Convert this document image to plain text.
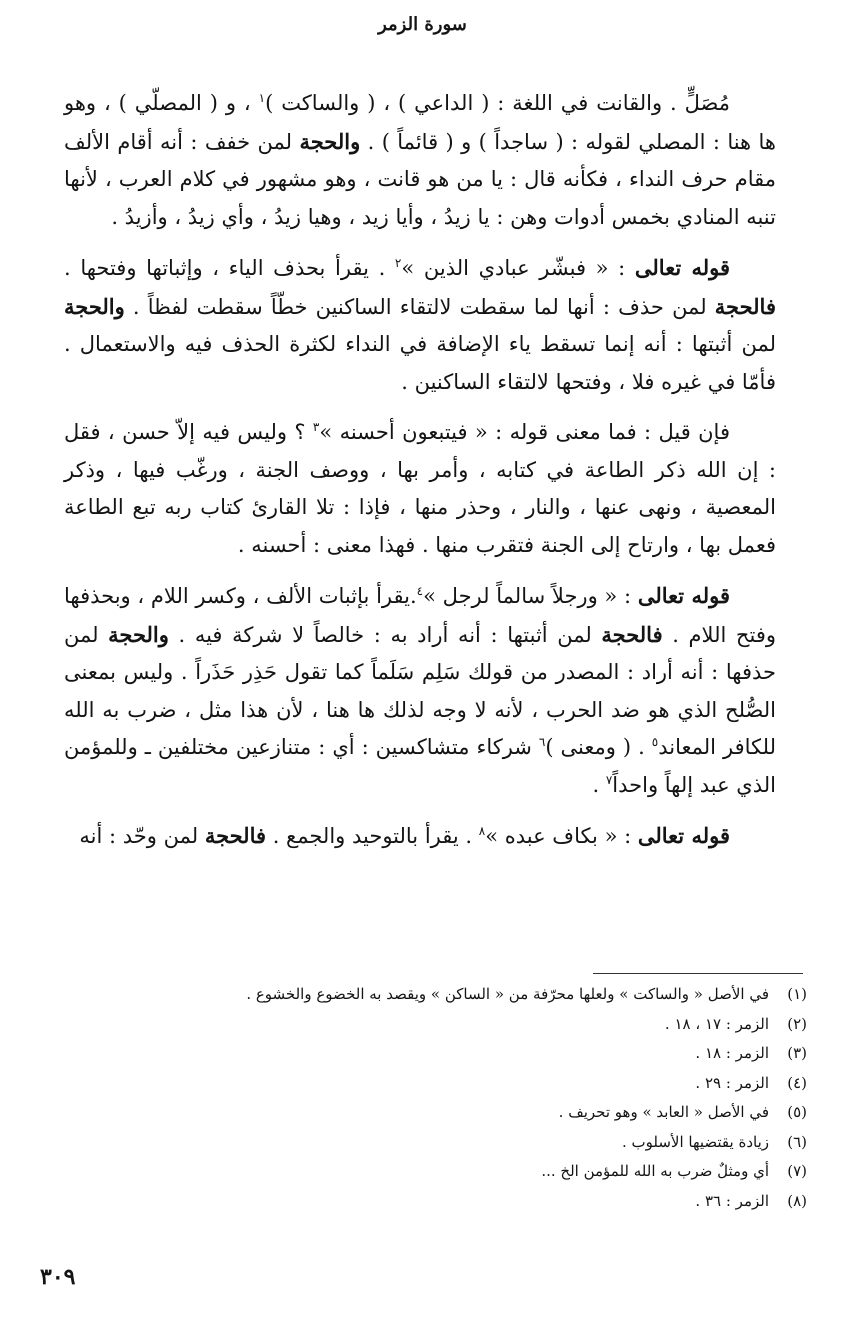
سورة الزمر

مُصَلٍّ . والقانت في اللغة : ( الداعي ) ، ( والساكت )$^١$ ، و ( المصلّي ) ، وهو ها هنا : المصلي لقوله : ( ساجداً ) و ( قائماً ) . والحجة لمن خفف : أنه أقام الألف مقام حرف النداء ، فكأنه قال : يا من هو قانت ، وهو مشهور في كلام العرب ، لأنها تنبه المنادي بخمس أدوات وهن : يا زيدُ ، وأيا زيد ، وهيا زيدُ ، وأي زيدُ ، وأزيدُ .

قوله تعالى : « فبشّر عبادي الذين »$^٢$ . يقرأ بحذف الياء ، وإثباتها وفتحها . فالحجة لمن حذف : أنها لما سقطت لالتقاء الساكنين خطّاً سقطت لفظاً . والحجة لمن أثبتها : أنه إنما تسقط ياء الإضافة في النداء لكثرة الحذف فيه والاستعمال . فأمّا في غيره فلا ، وفتحها لالتقاء الساكنين .

فإن قيل : فما معنى قوله : « فيتبعون أحسنه »$^٣$ ؟ وليس فيه إلاّ حسن ، فقل : إن الله ذكر الطاعة في كتابه ، وأمر بها ، ووصف الجنة ، ورغّب فيها ، وذكر المعصية ، ونهى عنها ، والنار ، وحذر منها ، فإذا : تلا القارئ كتاب ربه تبع الطاعة فعمل بها ، وارتاح إلى الجنة فتقرب منها . فهذا معنى : أحسنه .

قوله تعالى : « ورجلاً سالماً لرجل »$^٤$.يقرأ بإثبات الألف ، وكسر اللام ، وبحذفها وفتح اللام . فالحجة لمن أثبتها : أنه أراد به : خالصاً لا شركة فيه . والحجة لمن حذفها : أنه أراد : المصدر من قولك سَلِم سَلَماً كما تقول حَذِر حَذَراً . وليس بمعنى الصُّلح الذي هو ضد الحرب ، لأنه لا وجه لذلك ها هنا ، لأن هذا مثل ، ضرب به الله للكافر المعاند$^٥$ . ( ومعنى )$^٦$ شركاء متشاكسين : أي : متنازعين مختلفين ـ وللمؤمن الذي عبد إلهاً واحداً$^٧$ .

قوله تعالى : « بكاف عبده »$^٨$ . يقرأ بالتوحيد والجمع . فالحجة لمن وحّد : أنه

(١)في الأصل « والساكت » ولعلها محرّفة من « الساكن » ويقصد به الخضوع والخشوع .
(٢)الزمر : ١٧ ، ١٨ .
(٣)الزمر : ١٨ .
(٤)الزمر : ٢٩ .
(٥)في الأصل « العابد » وهو تحريف .
(٦)زيادة يقتضيها الأسلوب .
(٧)أي ومثلٌ ضرب به الله للمؤمن الخ ...
(٨)الزمر : ٣٦ .
٣٠٩
